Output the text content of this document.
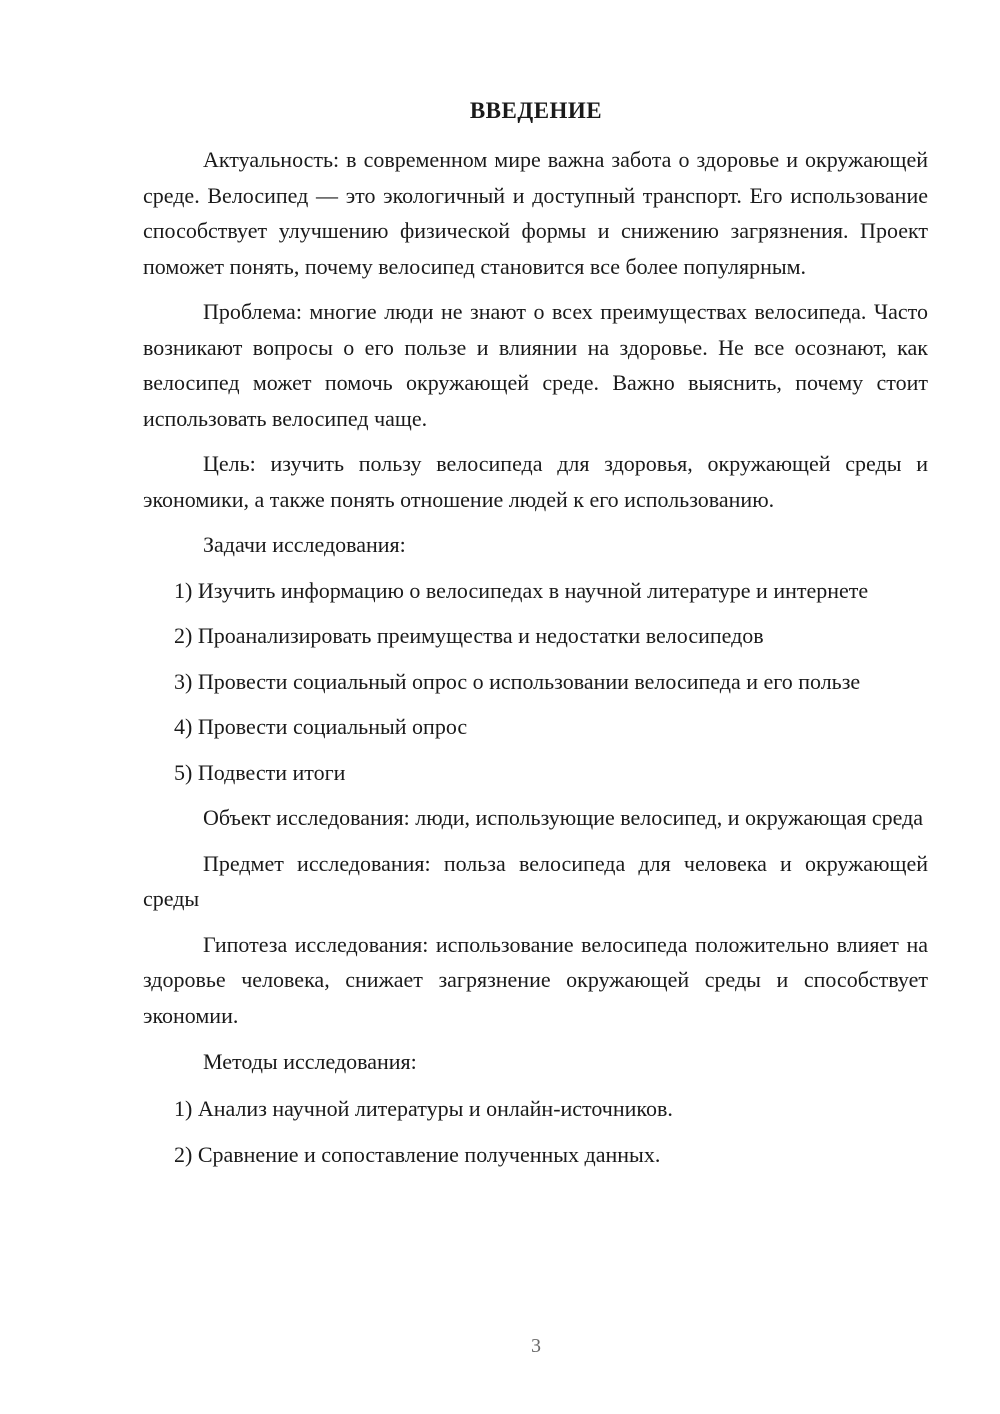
ВВЕДЕНИЕ

Актуальность: в современном мире важна забота о здоровье и окружающей среде. Велосипед — это экологичный и доступный транспорт. Его использование способствует улучшению физической формы и снижению загрязнения. Проект поможет понять, почему велосипед становится все более популярным.

Проблема: многие люди не знают о всех преимуществах велосипеда. Часто возникают вопросы о его пользе и влиянии на здоровье. Не все осознают, как велосипед может помочь окружающей среде. Важно выяснить, почему стоит использовать велосипед чаще.

Цель: изучить пользу велосипеда для здоровья, окружающей среды и экономики, а также понять отношение людей к его использованию.

Задачи исследования:

1) Изучить информацию о велосипедах в научной литературе и интернете

2) Проанализировать преимущества и недостатки велосипедов

3) Провести социальный опрос о использовании велосипеда и его пользе

4) Провести социальный опрос

5) Подвести итоги

Объект исследования: люди, использующие велосипед, и окружающая среда

Предмет исследования: польза велосипеда для человека и окружающей среды

Гипотеза исследования: использование велосипеда положительно влияет на здоровье человека, снижает загрязнение окружающей среды и способствует экономии.

Методы исследования:

1) Анализ научной литературы и онлайн-источников.

2) Сравнение и сопоставление полученных данных.

3
